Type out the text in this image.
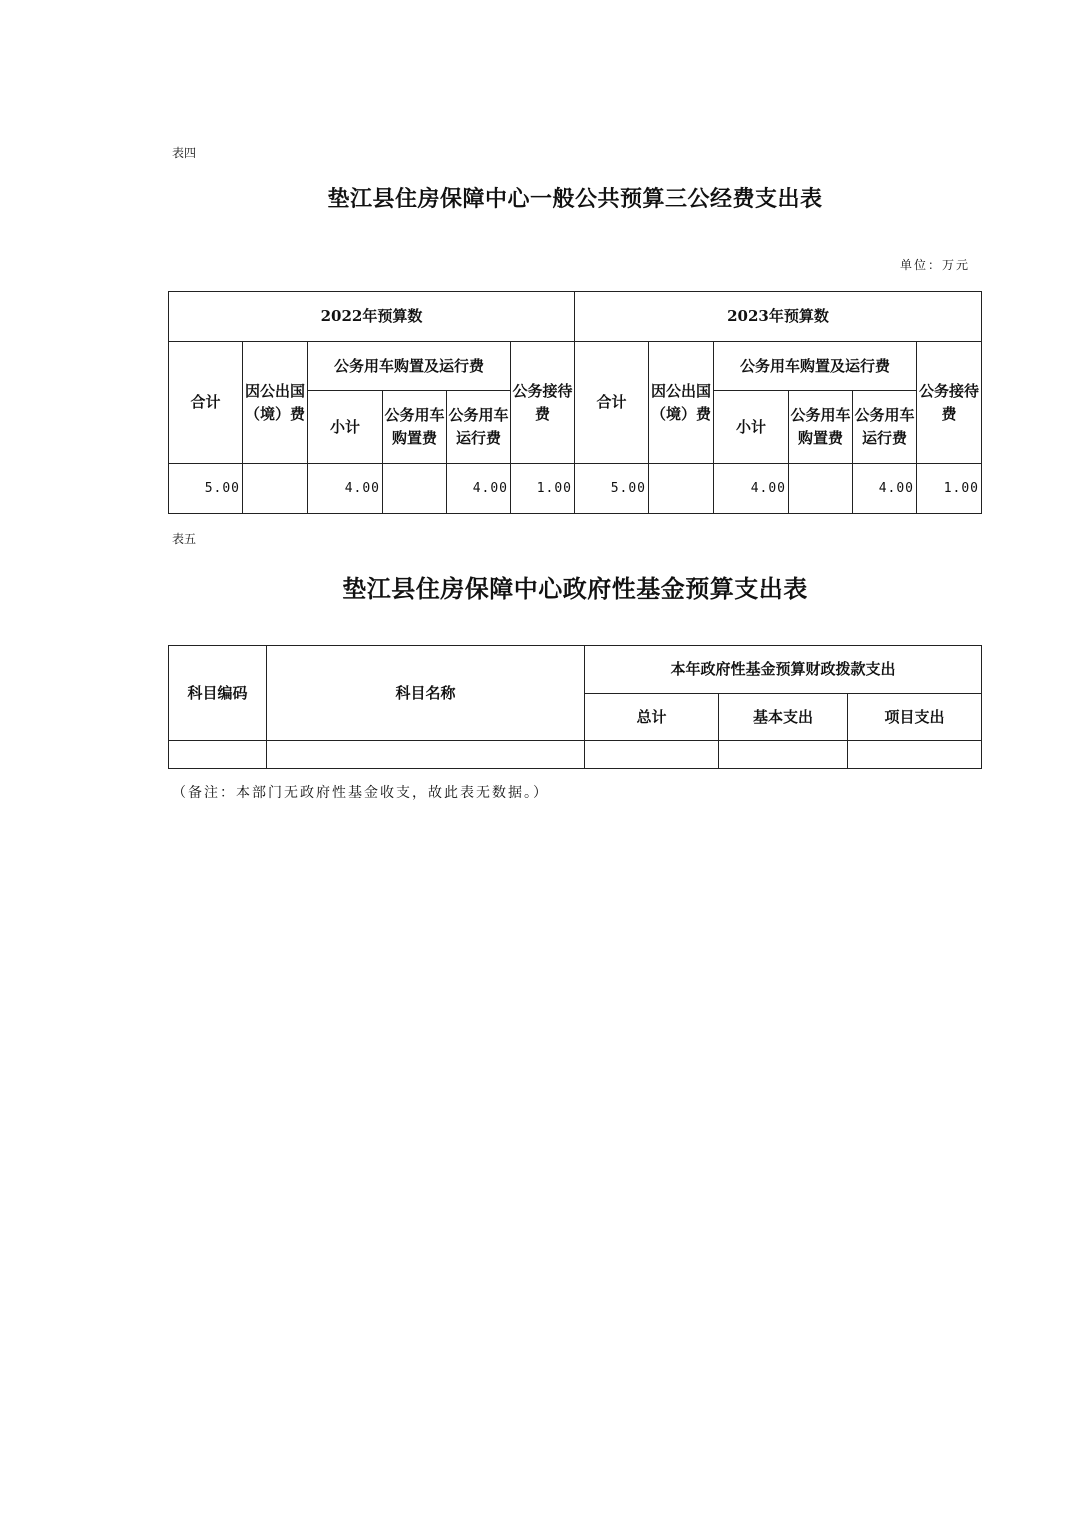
表四
垫江县住房保障中心一般公共预算三公经费支出表
单位：万元
2022年预算数						2023年预算数					
合计	因公出国（境）费	公务用车购置及运行费			公务接待费	合计	因公出国（境）费	公务用车购置及运行费			公务接待费
		小计	公务用车购置费	公务用车运行费				小计	公务用车购置费	公务用车运行费	
5.00		4.00		4.00	1.00	5.00		4.00		4.00	1.00
表五
垫江县住房保障中心政府性基金预算支出表
科目编码	科目名称	本年政府性基金预算财政拨款支出		
		总计	基本支出	项目支出

（备注：本部门无政府性基金收支，故此表无数据。）
